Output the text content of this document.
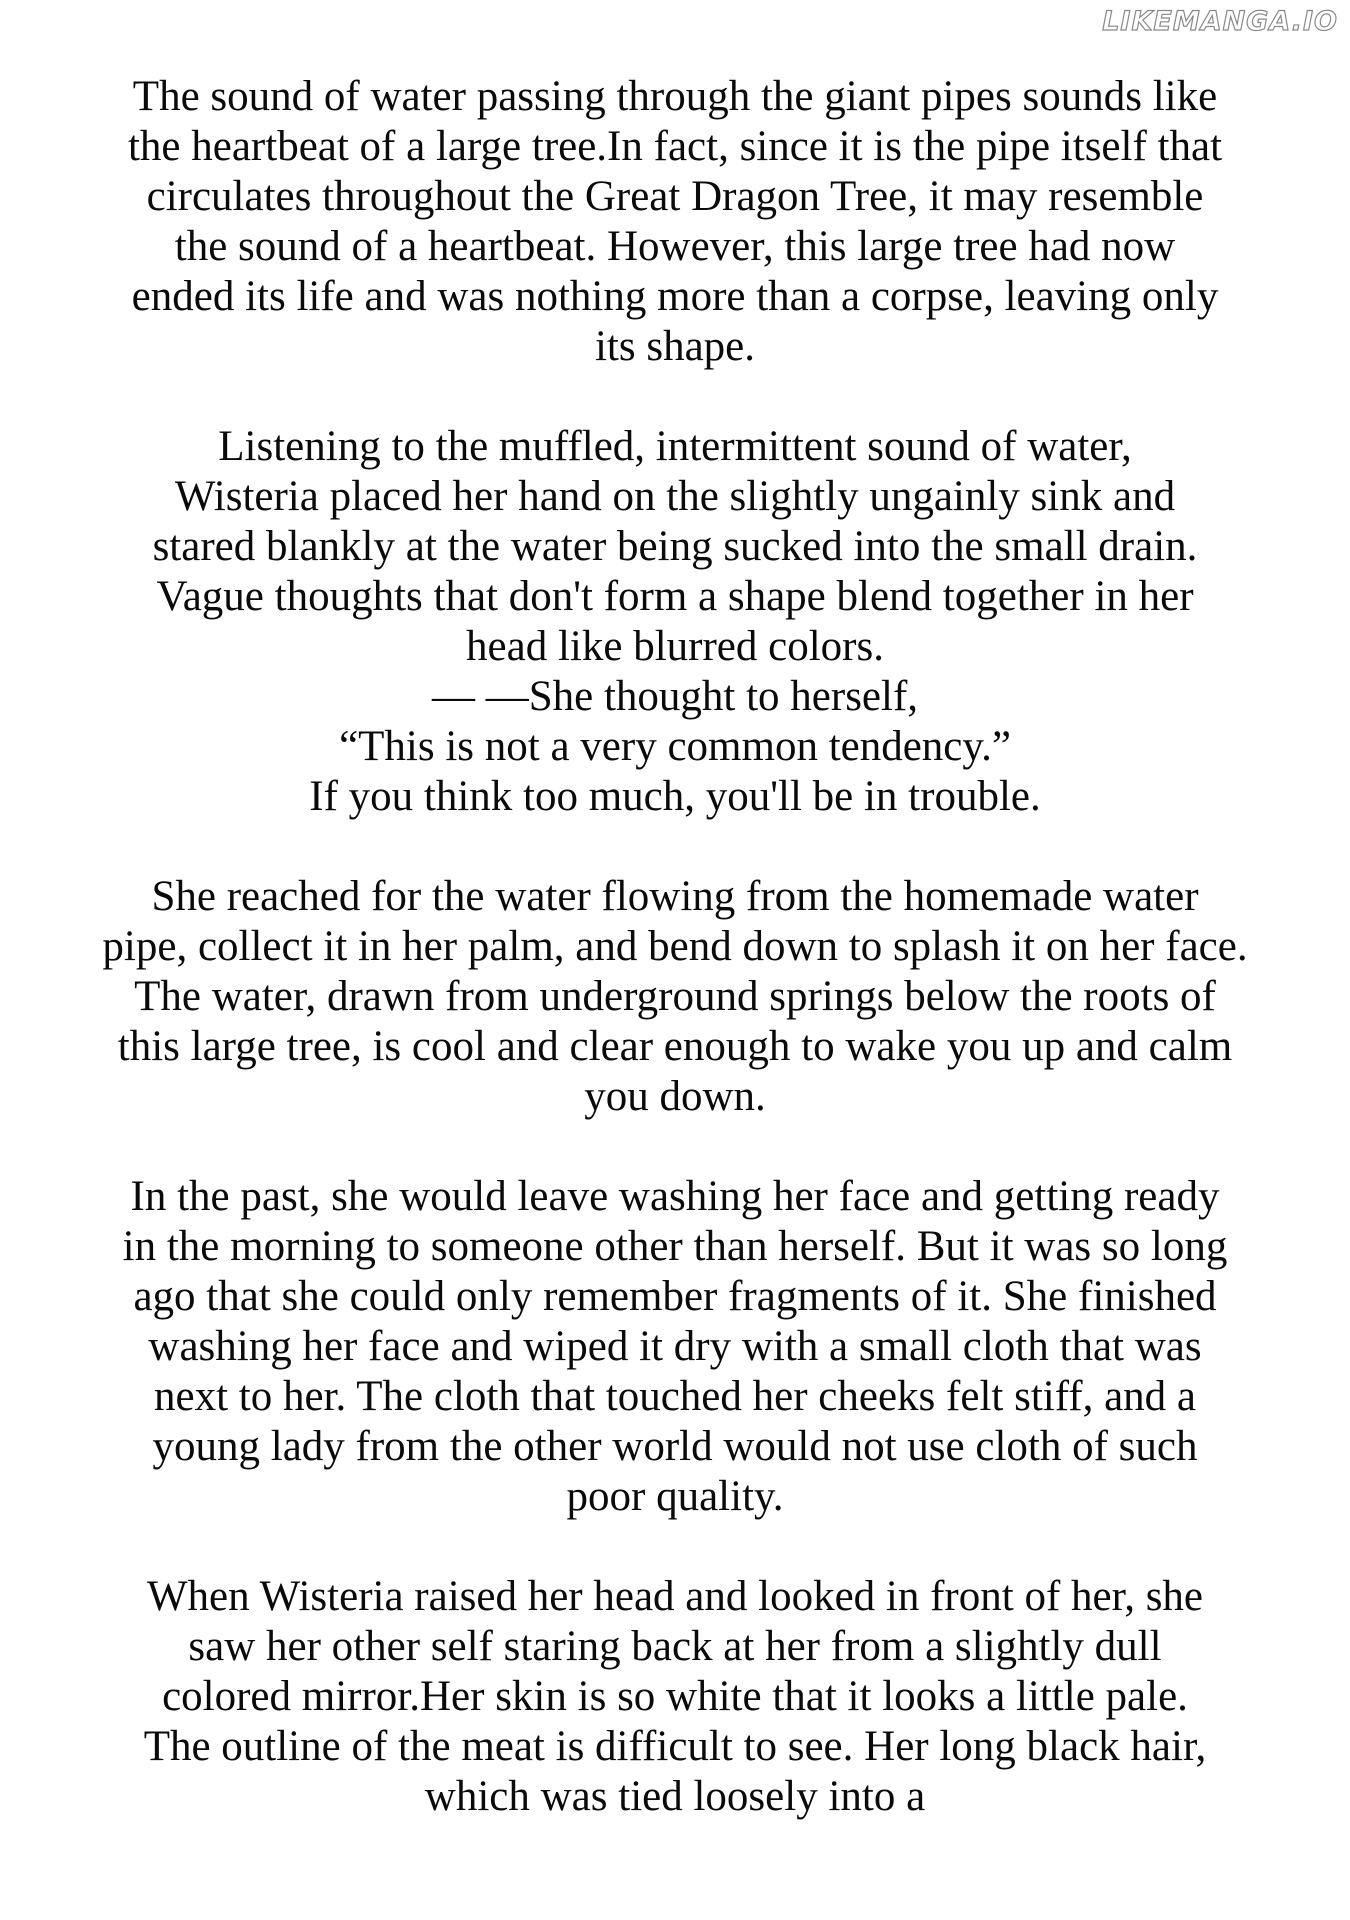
LIKEMANGA.IO

The sound of water passing through the giant pipes sounds like
the heartbeat of a large tree.In fact, since it is the pipe itself that
circulates throughout the Great Dragon Tree, it may resemble
the sound of a heartbeat. However, this large tree had now
ended its life and was nothing more than a corpse, leaving only
its shape.

Listening to the muffled, intermittent sound of water,
Wisteria placed her hand on the slightly ungainly sink and
stared blankly at the water being sucked into the small drain.
Vague thoughts that don't form a shape blend together in her
head like blurred colors.
— —She thought to herself,
“This is not a very common tendency.”
If you think too much, you'll be in trouble.

She reached for the water flowing from the homemade water
pipe, collect it in her palm, and bend down to splash it on her face.
The water, drawn from underground springs below the roots of
this large tree, is cool and clear enough to wake you up and calm
you down.

In the past, she would leave washing her face and getting ready
in the morning to someone other than herself. But it was so long
ago that she could only remember fragments of it. She finished
washing her face and wiped it dry with a small cloth that was
next to her. The cloth that touched her cheeks felt stiff, and a
young lady from the other world would not use cloth of such
poor quality.

When Wisteria raised her head and looked in front of her, she
saw her other self staring back at her from a slightly dull
colored mirror.Her skin is so white that it looks a little pale.
The outline of the meat is difficult to see. Her long black hair,
which was tied loosely into a
